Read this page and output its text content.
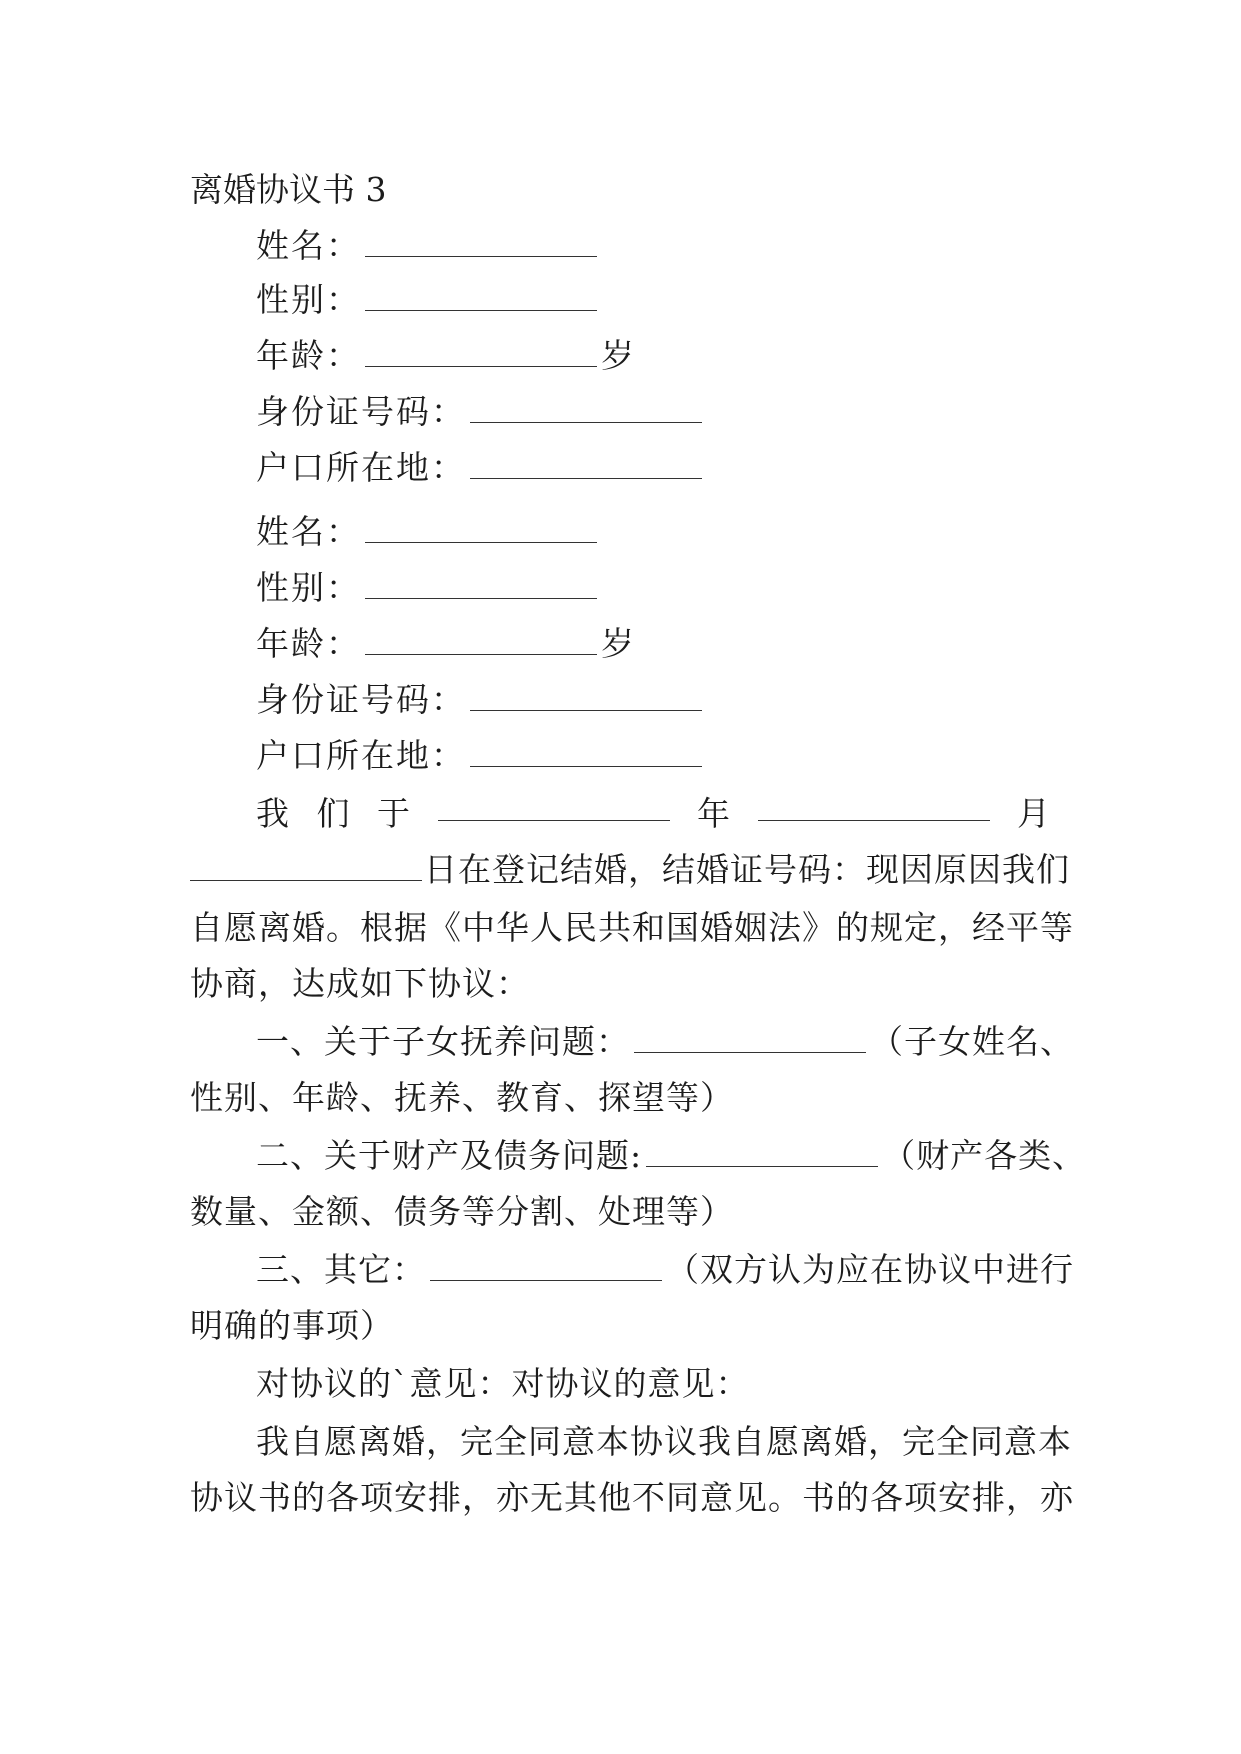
离婚协议书 3
姓名：
性别：
年龄：	岁
身份证号码：
户口所在地：
姓名：
性别：
年龄：	岁
身份证号码：
户口所在地：
我 们 于	年	月
日在登记结婚，结婚证号码：现因原因我们
自愿离婚。根据《中华人民共和国婚姻法》的规定，经平等
协商，达成如下协议：
一、关于子女抚养问题：	（子女姓名、
性别、年龄、抚养、教育、探望等）
二、关于财产及债务问题:	（财产各类、
数量、金额、债务等分割、处理等）
三、其它：	（双方认为应在协议中进行
明确的事项）
对协议的`意见：对协议的意见：
我自愿离婚，完全同意本协议我自愿离婚，完全同意本
协议书的各项安排，亦无其他不同意见。书的各项安排，亦
